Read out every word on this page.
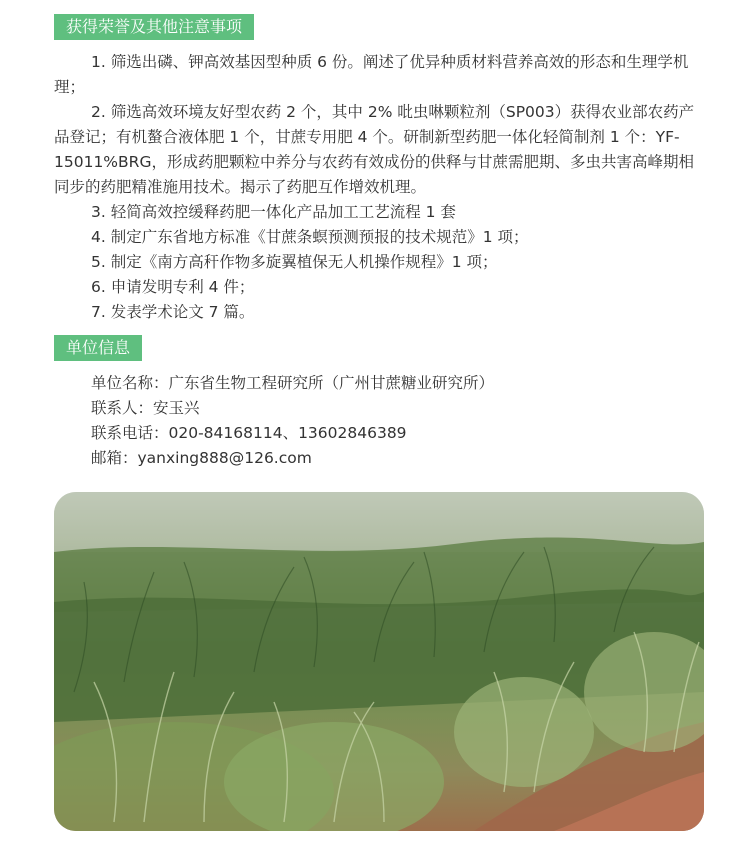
获得荣誉及其他注意事项

1. 筛选出磷、钾高效基因型种质 6 份。阐述了优异种质材料营养高效的形态和生理学机理；

2. 筛选高效环境友好型农药 2 个，其中 2% 吡虫啉颗粒剂（SP003）获得农业部农药产品登记；有机螯合液体肥 1 个，甘蔗专用肥 4 个。研制新型药肥一体化轻简制剂 1 个：YF-15011%BRG，形成药肥颗粒中养分与农药有效成份的供释与甘蔗需肥期、多虫共害高峰期相同步的药肥精准施用技术。揭示了药肥互作增效机理。

3. 轻简高效控缓释药肥一体化产品加工工艺流程 1 套

4. 制定广东省地方标准《甘蔗条螟预测预报的技术规范》1 项；

5. 制定《南方高秆作物多旋翼植保无人机操作规程》1 项；

6. 申请发明专利 4 件；

7. 发表学术论文 7 篇。

单位信息
单位名称：广东省生物工程研究所（广州甘蔗糖业研究所）
联系人：安玉兴
联系电话：020-84168114、13602846389
邮箱：yanxing888@126.com
